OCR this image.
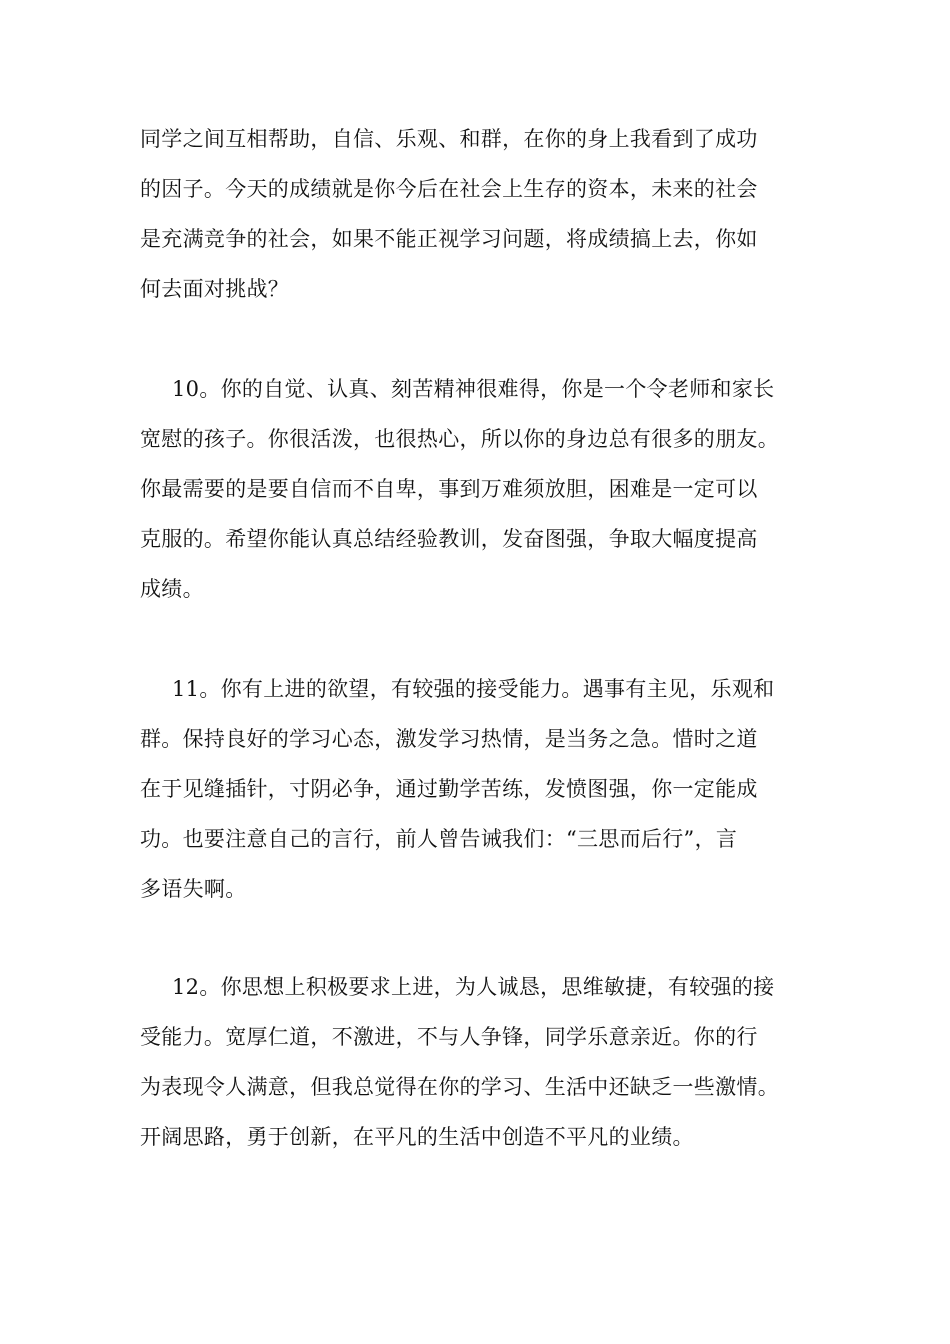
同学之间互相帮助，自信、乐观、和群，在你的身上我看到了成功
的因子。今天的成绩就是你今后在社会上生存的资本，未来的社会
是充满竞争的社会，如果不能正视学习问题，将成绩搞上去，你如
何去面对挑战？
10。你的自觉、认真、刻苦精神很难得，你是一个令老师和家长
宽慰的孩子。你很活泼，也很热心，所以你的身边总有很多的朋友。
你最需要的是要自信而不自卑，事到万难须放胆，困难是一定可以
克服的。希望你能认真总结经验教训，发奋图强，争取大幅度提高
成绩。
11。你有上进的欲望，有较强的接受能力。遇事有主见，乐观和
群。保持良好的学习心态，激发学习热情，是当务之急。惜时之道
在于见缝插针，寸阴必争，通过勤学苦练，发愤图强，你一定能成
功。也要注意自己的言行，前人曾告诫我们：“三思而后行”，言
多语失啊。
12。你思想上积极要求上进，为人诚恳，思维敏捷，有较强的接
受能力。宽厚仁道，不激进，不与人争锋，同学乐意亲近。你的行
为表现令人满意，但我总觉得在你的学习、生活中还缺乏一些激情。
开阔思路，勇于创新，在平凡的生活中创造不平凡的业绩。
